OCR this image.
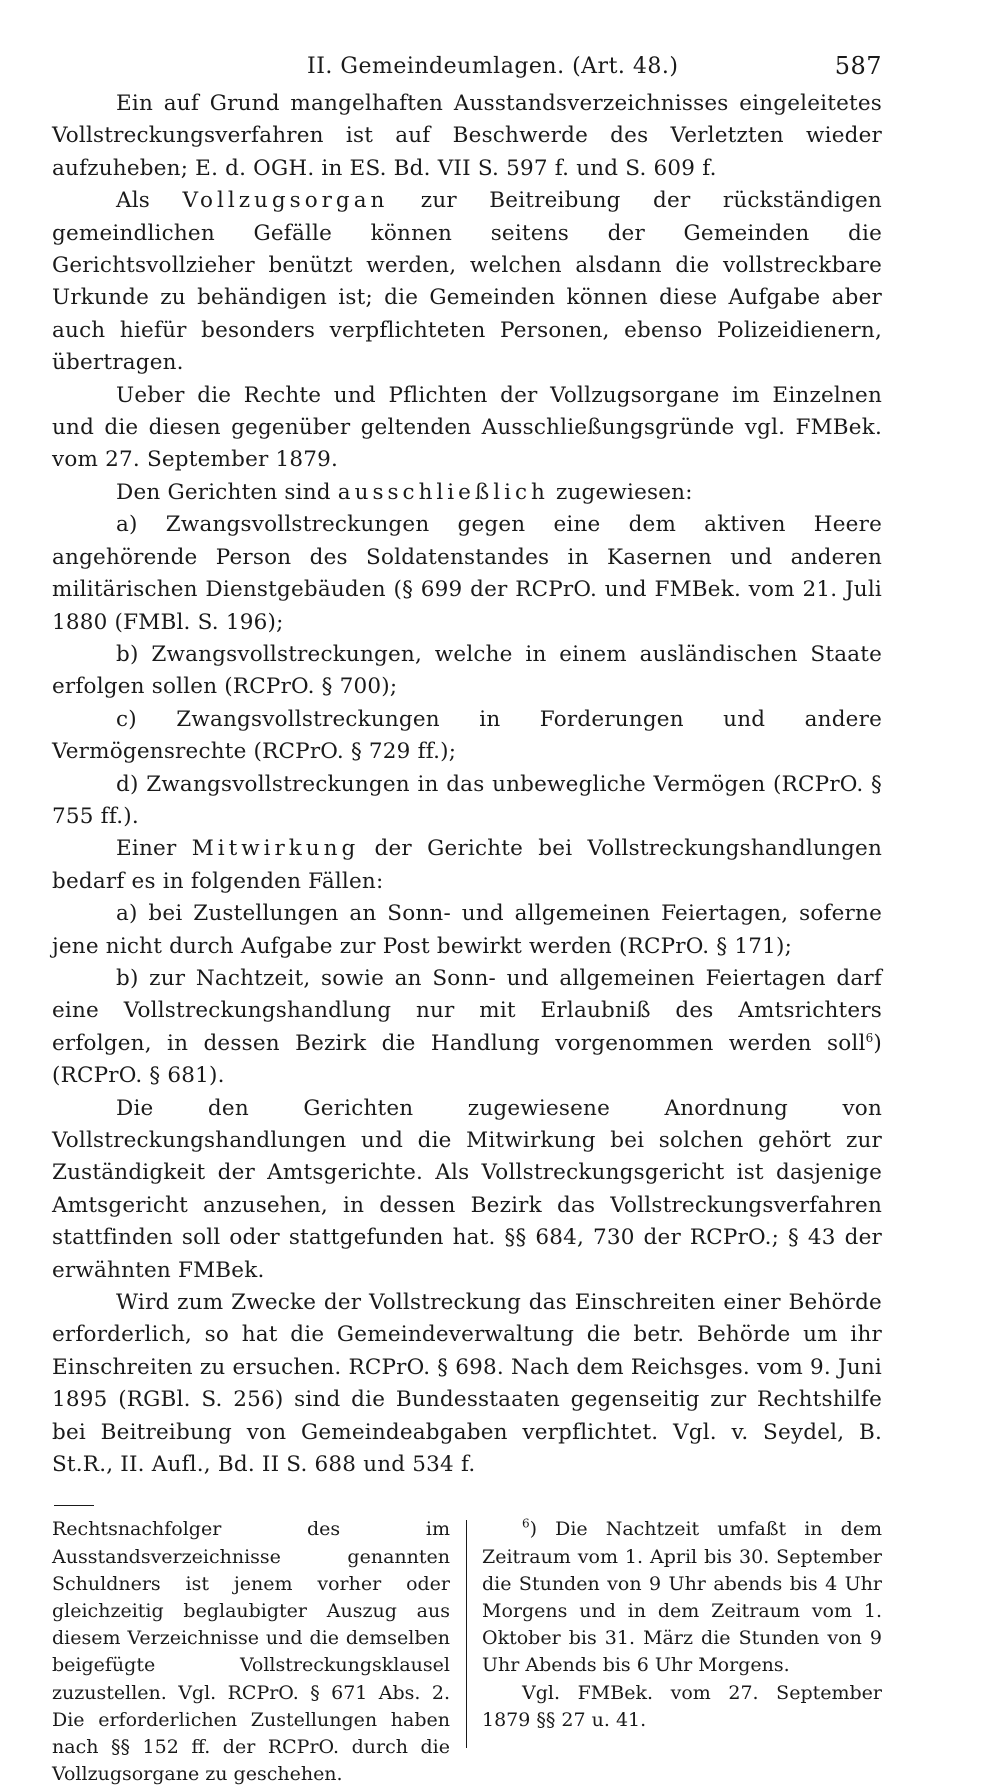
II. Gemeindeumlagen. (Art. 48.)	587

Ein auf Grund mangelhaften Ausstandsverzeichnisses eingeleitetes Vollstreckungsverfahren ist auf Beschwerde des Verletzten wieder aufzuheben; E. d. OGH. in ES. Bd. VII S. 597 f. und S. 609 f.

Als Vollzugsorgan zur Beitreibung der rückständigen gemeindlichen Gefälle können seitens der Gemeinden die Gerichtsvollzieher benützt werden, welchen alsdann die vollstreckbare Urkunde zu behändigen ist; die Gemeinden können diese Aufgabe aber auch hiefür besonders verpflichteten Personen, ebenso Polizeidienern, übertragen.

Ueber die Rechte und Pflichten der Vollzugsorgane im Einzelnen und die diesen gegenüber geltenden Ausschließungsgründe vgl. FMBek. vom 27. September 1879.

Den Gerichten sind ausschließlich zugewiesen:

a) Zwangsvollstreckungen gegen eine dem aktiven Heere angehörende Person des Soldatenstandes in Kasernen und anderen militärischen Dienstgebäuden (§ 699 der RCPrO. und FMBek. vom 21. Juli 1880 (FMBl. S. 196);

b) Zwangsvollstreckungen, welche in einem ausländischen Staate erfolgen sollen (RCPrO. § 700);

c) Zwangsvollstreckungen in Forderungen und andere Vermögensrechte (RCPrO. § 729 ff.);

d) Zwangsvollstreckungen in das unbewegliche Vermögen (RCPrO. § 755 ff.).

Einer Mitwirkung der Gerichte bei Vollstreckungshandlungen bedarf es in folgenden Fällen:

a) bei Zustellungen an Sonn- und allgemeinen Feiertagen, soferne jene nicht durch Aufgabe zur Post bewirkt werden (RCPrO. § 171);

b) zur Nachtzeit, sowie an Sonn- und allgemeinen Feiertagen darf eine Vollstreckungshandlung nur mit Erlaubniß des Amtsrichters erfolgen, in dessen Bezirk die Handlung vorgenommen werden soll$^6$) (RCPrO. § 681).

Die den Gerichten zugewiesene Anordnung von Vollstreckungshandlungen und die Mitwirkung bei solchen gehört zur Zuständigkeit der Amtsgerichte. Als Vollstreckungsgericht ist dasjenige Amtsgericht anzusehen, in dessen Bezirk das Vollstreckungsverfahren stattfinden soll oder stattgefunden hat. §§ 684, 730 der RCPrO.; § 43 der erwähnten FMBek.

Wird zum Zwecke der Vollstreckung das Einschreiten einer Behörde erforderlich, so hat die Gemeindeverwaltung die betr. Behörde um ihr Einschreiten zu ersuchen. RCPrO. § 698. Nach dem Reichsges. vom 9. Juni 1895 (RGBl. S. 256) sind die Bundesstaaten gegenseitig zur Rechtshilfe bei Beitreibung von Gemeindeabgaben verpflichtet. Vgl. v. Seydel, B. St.R., II. Aufl., Bd. II S. 688 und 534 f.

Rechtsnachfolger des im Ausstandsverzeichnisse genannten Schuldners ist jenem vorher oder gleichzeitig beglaubigter Auszug aus diesem Verzeichnisse und die demselben beigefügte Vollstreckungsklausel zuzustellen. Vgl. RCPrO. § 671 Abs. 2. Die erforderlichen Zustellungen haben nach §§ 152 ff. der RCPrO. durch die Vollzugsorgane zu geschehen.

$^6$) Die Nachtzeit umfaßt in dem Zeitraum vom 1. April bis 30. September die Stunden von 9 Uhr abends bis 4 Uhr Morgens und in dem Zeitraum vom 1. Oktober bis 31. März die Stunden von 9 Uhr Abends bis 6 Uhr Morgens.

Vgl. FMBek. vom 27. September 1879 §§ 27 u. 41.
